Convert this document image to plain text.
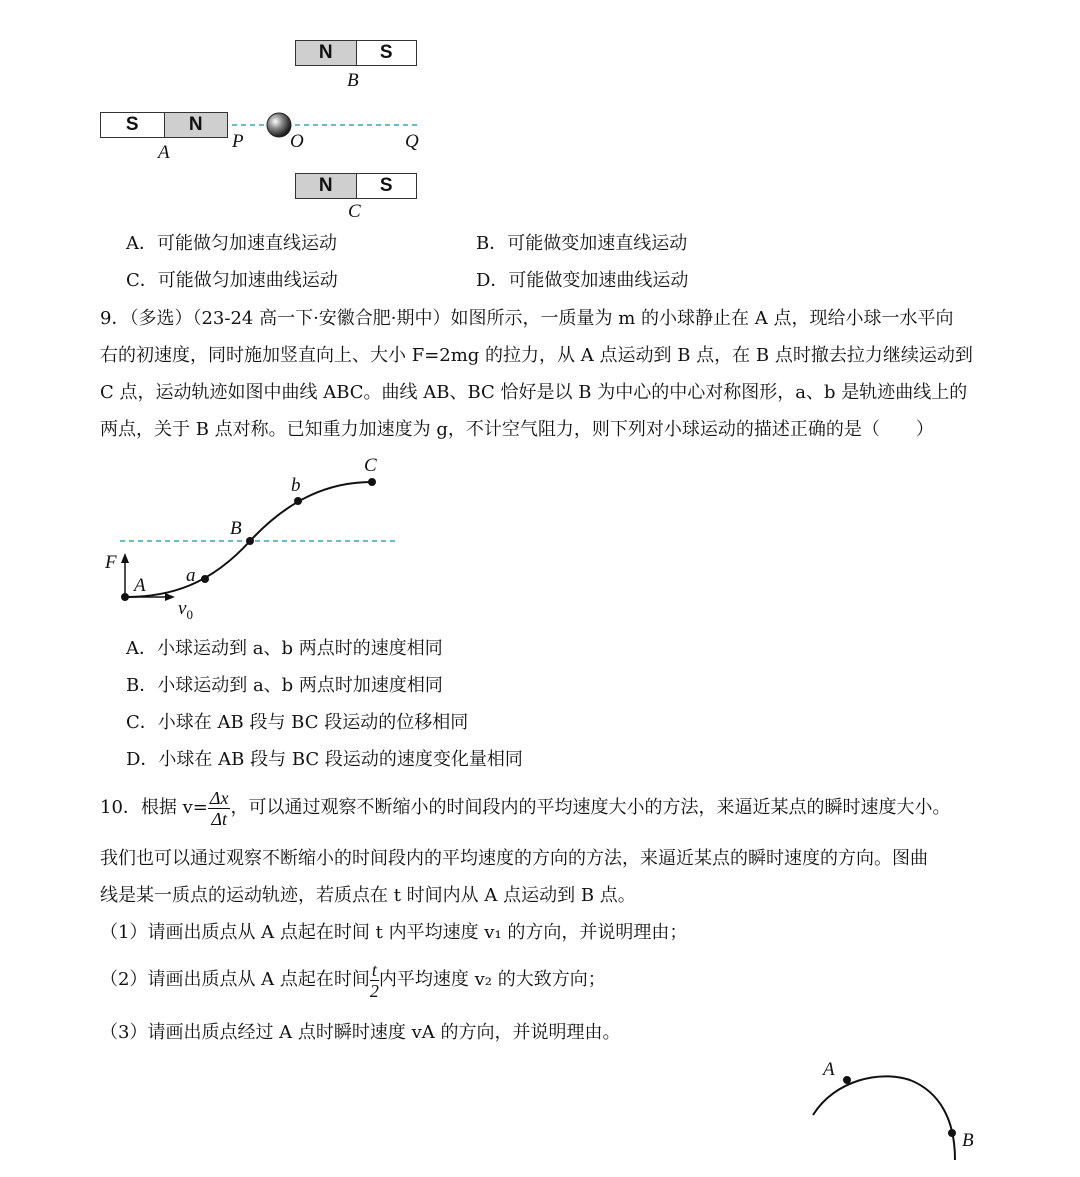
N	S
B
S	N
A
P O	Q
N	S
C
A．可能做匀加速直线运动	B．可能做变加速直线运动
C．可能做匀加速曲线运动	D．可能做变加速曲线运动
9．（多选）（23-24 高一下·安徽合肥·期中）如图所示，一质量为 m 的小球静止在 A 点，现给小球一水平向
右的初速度，同时施加竖直向上、大小 F=2mg 的拉力，从 A 点运动到 B 点，在 B 点时撤去拉力继续运动到
C 点，运动轨迹如图中曲线 ABC。曲线 AB、BC 恰好是以 B 为中心的中心对称图形，a、b 是轨迹曲线上的
两点，关于 B 点对称。已知重力加速度为 g，不计空气阻力，则下列对小球运动的描述正确的是（　　）
F
A a
B
b
C
$v_0$
A．小球运动到 a、b 两点时的速度相同
B．小球运动到 a、b 两点时加速度相同
C．小球在 AB 段与 BC 段运动的位移相同
D．小球在 AB 段与 BC 段运动的速度变化量相同
10．根据 $v= \frac{\Delta x}{\Delta t}$ ，可以通过观察不断缩小的时间段内的平均速度大小的方法，来逼近某点的瞬时速度大小。
我们也可以通过观察不断缩小的时间段内的平均速度的方向的方法，来逼近某点的瞬时速度的方向。图曲
线是某一质点的运动轨迹，若质点在 t 时间内从 A 点运动到 B 点。
（1）请画出质点从 A 点起在时间 t 内平均速度 v₁ 的方向，并说明理由；
（2）请画出质点从 A 点起在时间 $\frac{t}{2}$ 内平均速度 v₂ 的大致方向；
（3）请画出质点经过 A 点时瞬时速度 vA 的方向，并说明理由。
A
B
